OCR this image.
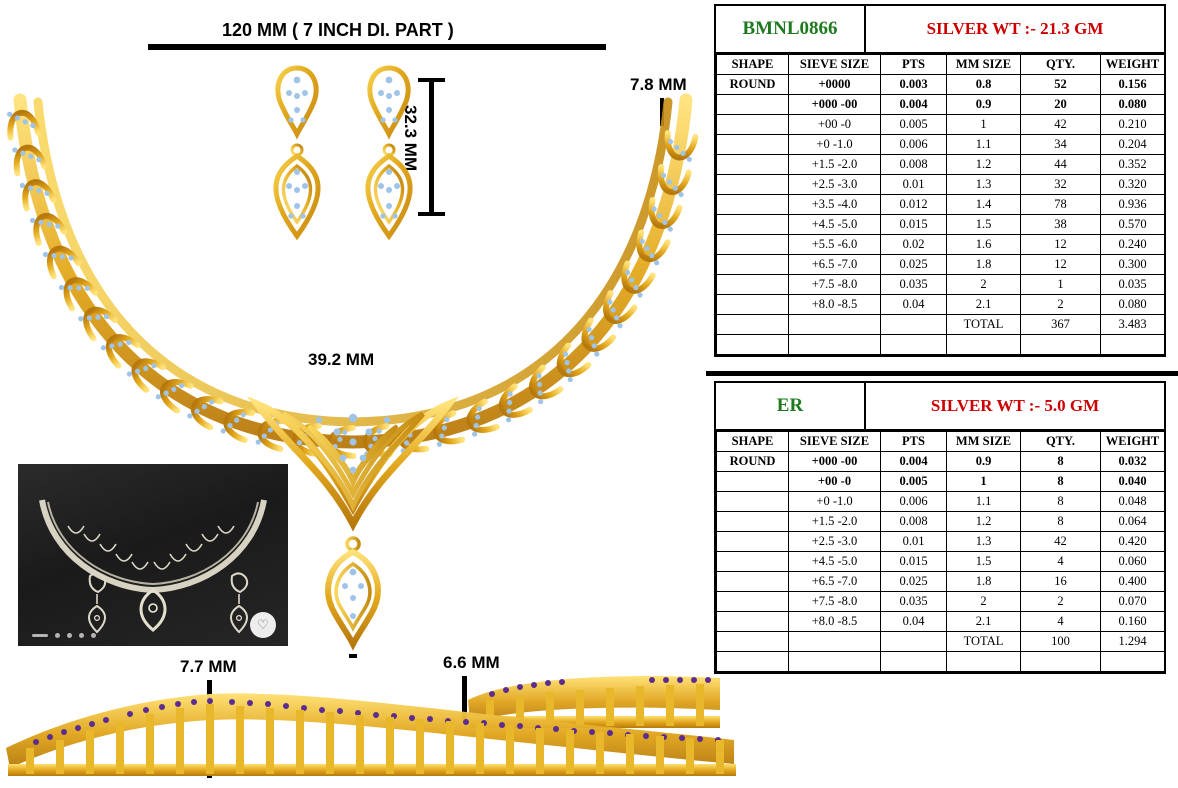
120 MM ( 7 INCH DI. PART )
32.3 MM
7.8 MM
39.2 MM
♡
7.7 MM	6.6 MM
BMNL0866	SILVER WT :- 21.3 GM
SHAPE	SIEVE SIZE	PTS	MM SIZE	QTY.	WEIGHT
ROUND	+0000	0.003	0.8	52	0.156
	+000 -00	0.004	0.9	20	0.080
	+00 -0	0.005	1	42	0.210
	+0 -1.0	0.006	1.1	34	0.204
	+1.5 -2.0	0.008	1.2	44	0.352
	+2.5 -3.0	0.01	1.3	32	0.320
	+3.5 -4.0	0.012	1.4	78	0.936
	+4.5 -5.0	0.015	1.5	38	0.570
	+5.5 -6.0	0.02	1.6	12	0.240
	+6.5 -7.0	0.025	1.8	12	0.300
	+7.5 -8.0	0.035	2	1	0.035
	+8.0 -8.5	0.04	2.1	2	0.080
			TOTAL	367	3.483

ER	SILVER WT :- 5.0 GM
SHAPE	SIEVE SIZE	PTS	MM SIZE	QTY.	WEIGHT
ROUND	+000 -00	0.004	0.9	8	0.032
	+00 -0	0.005	1	8	0.040
	+0 -1.0	0.006	1.1	8	0.048
	+1.5 -2.0	0.008	1.2	8	0.064
	+2.5 -3.0	0.01	1.3	42	0.420
	+4.5 -5.0	0.015	1.5	4	0.060
	+6.5 -7.0	0.025	1.8	16	0.400
	+7.5 -8.0	0.035	2	2	0.070
	+8.0 -8.5	0.04	2.1	4	0.160
			TOTAL	100	1.294
